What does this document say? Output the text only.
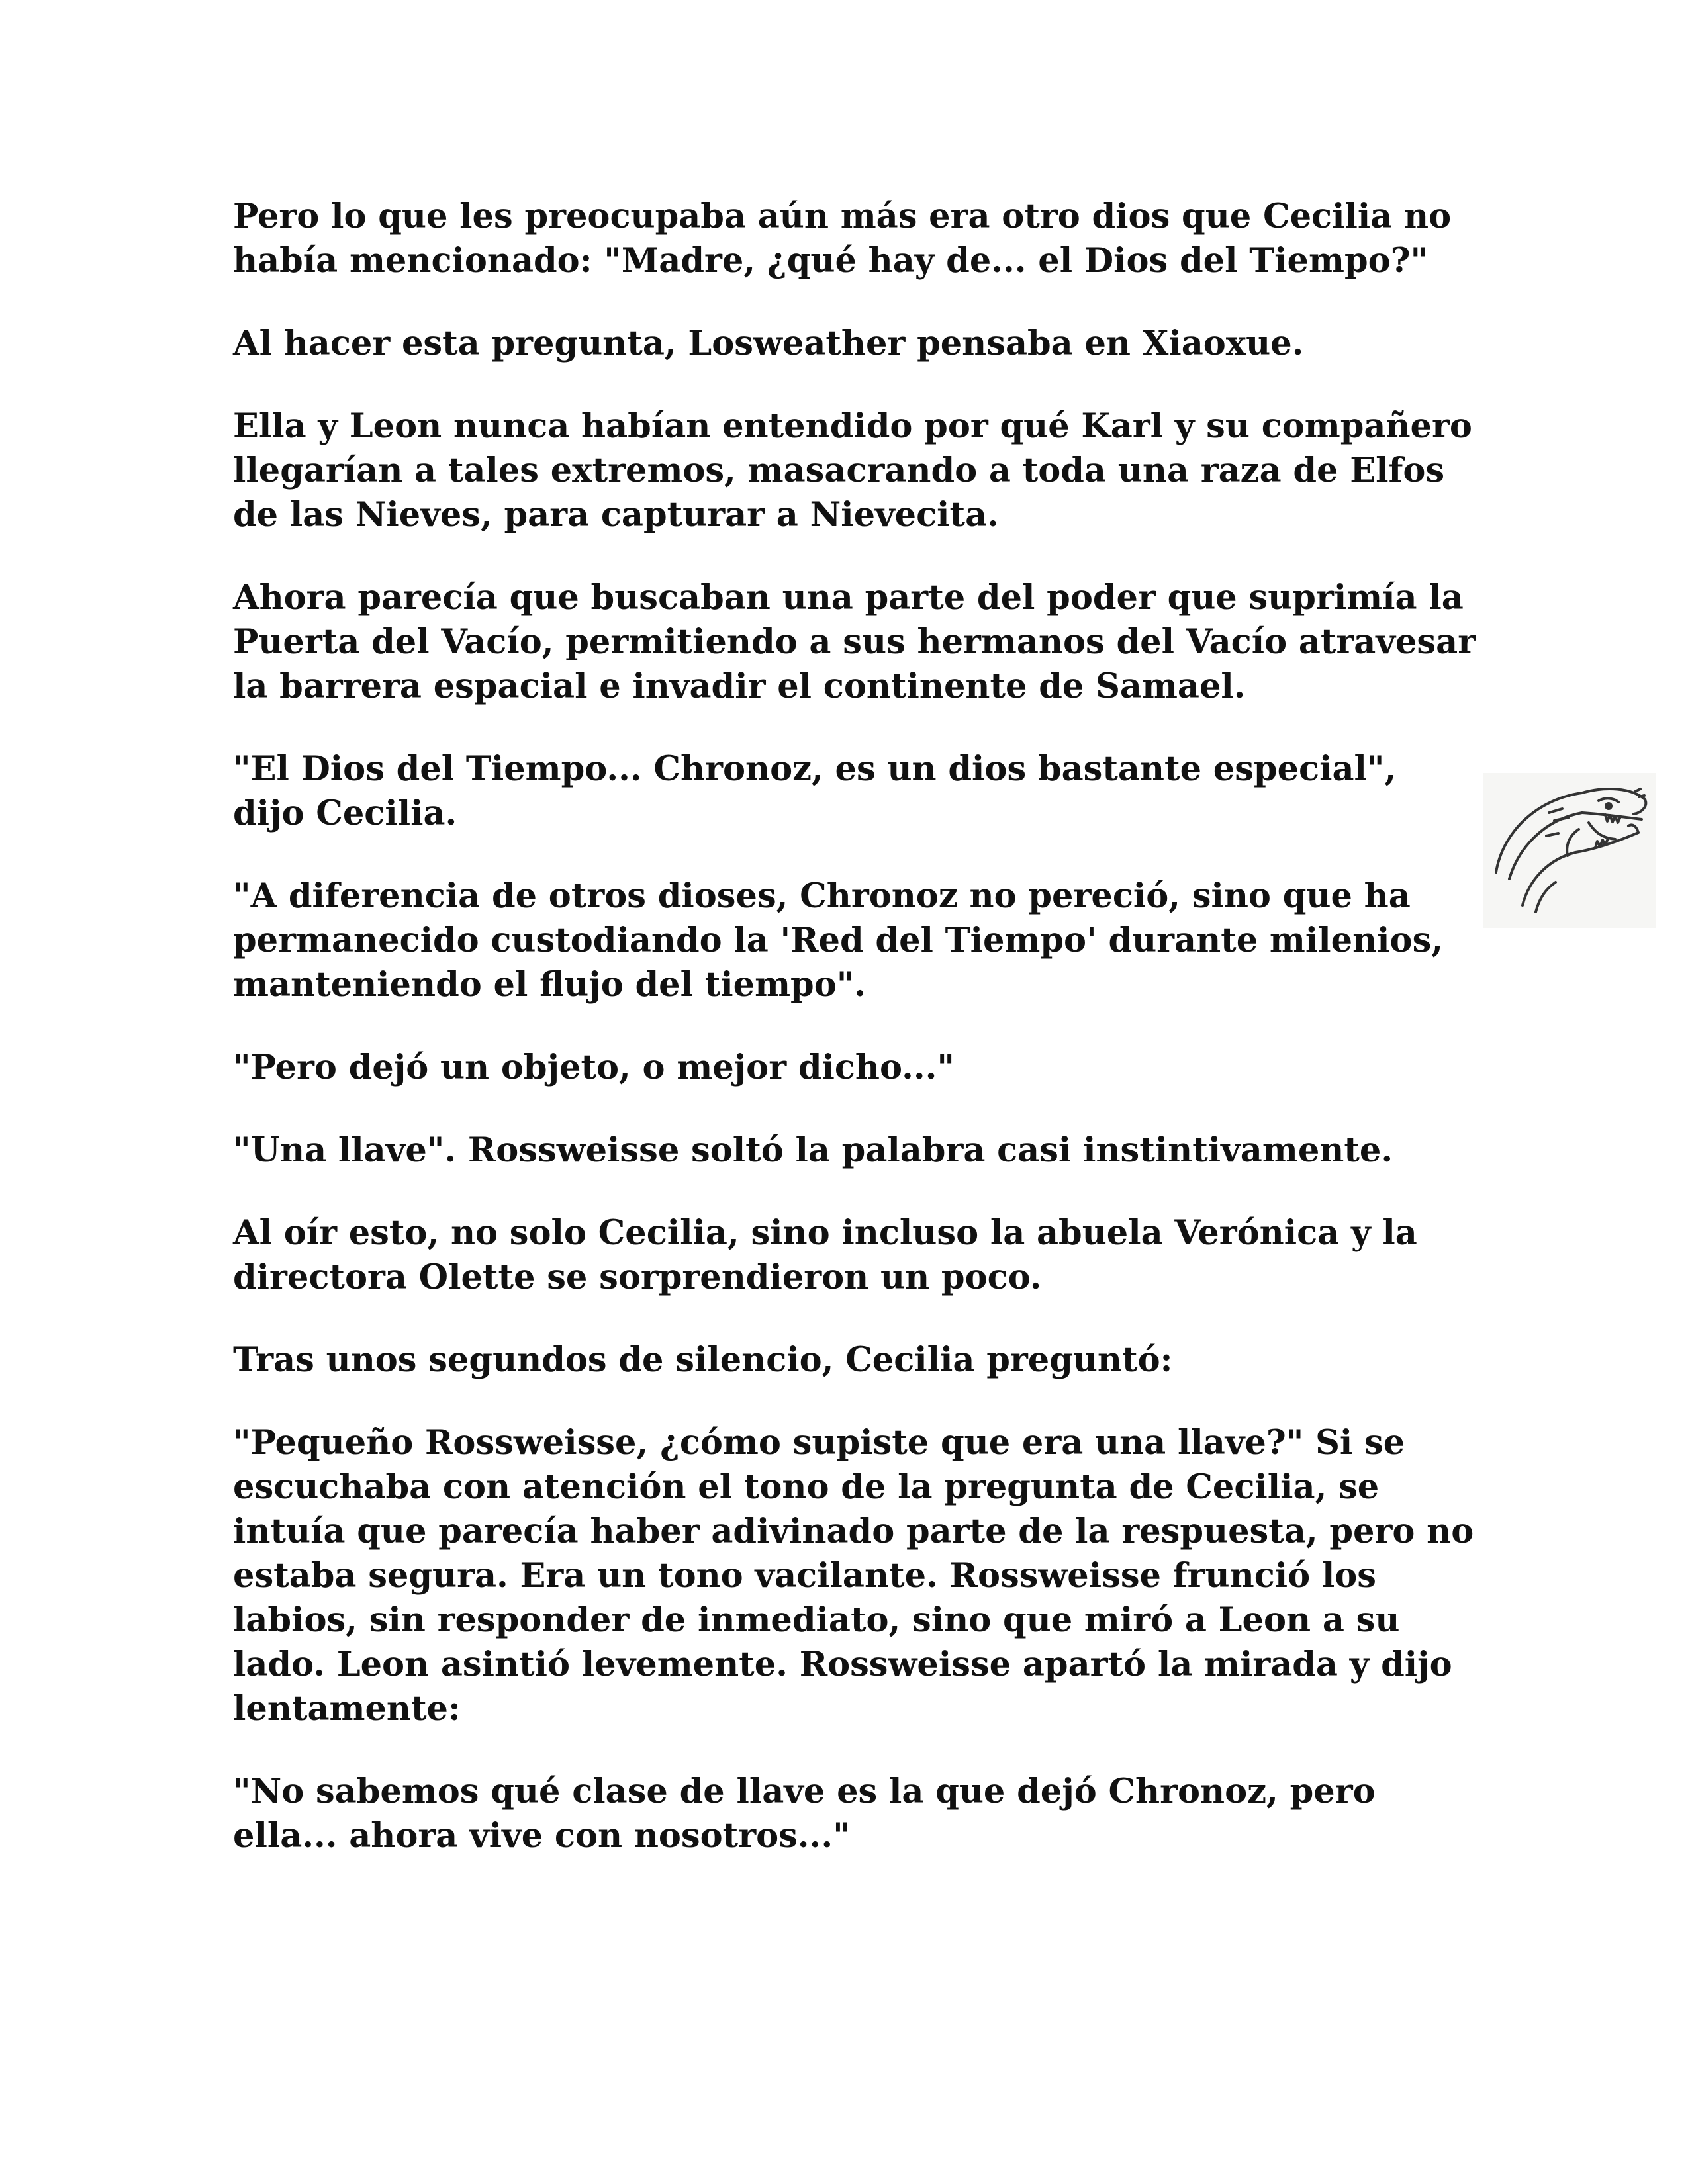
Pero lo que les preocupaba aún más era otro dios que Cecilia no había mencionado: "Madre, ¿qué hay de... el Dios del Tiempo?"

Al hacer esta pregunta, Losweather pensaba en Xiaoxue.

Ella y Leon nunca habían entendido por qué Karl y su compañero llegarían a tales extremos, masacrando a toda una raza de Elfos de las Nieves, para capturar a Nievecita.

Ahora parecía que buscaban una parte del poder que suprimía la Puerta del Vacío, permitiendo a sus hermanos del Vacío atravesar la barrera espacial e invadir el continente de Samael.

"El Dios del Tiempo... Chronoz, es un dios bastante especial", dijo Cecilia.

"A diferencia de otros dioses, Chronoz no pereció, sino que ha permanecido custodiando la 'Red del Tiempo' durante milenios, manteniendo el flujo del tiempo".

"Pero dejó un objeto, o mejor dicho..."

"Una llave". Rossweisse soltó la palabra casi instintivamente.

Al oír esto, no solo Cecilia, sino incluso la abuela Verónica y la directora Olette se sorprendieron un poco.

Tras unos segundos de silencio, Cecilia preguntó:

"Pequeño Rossweisse, ¿cómo supiste que era una llave?" Si se escuchaba con atención el tono de la pregunta de Cecilia, se intuía que parecía haber adivinado parte de la respuesta, pero no estaba segura. Era un tono vacilante. Rossweisse frunció los labios, sin responder de inmediato, sino que miró a Leon a su lado. Leon asintió levemente. Rossweisse apartó la mirada y dijo lentamente:

"No sabemos qué clase de llave es la que dejó Chronoz, pero ella... ahora vive con nosotros..."
